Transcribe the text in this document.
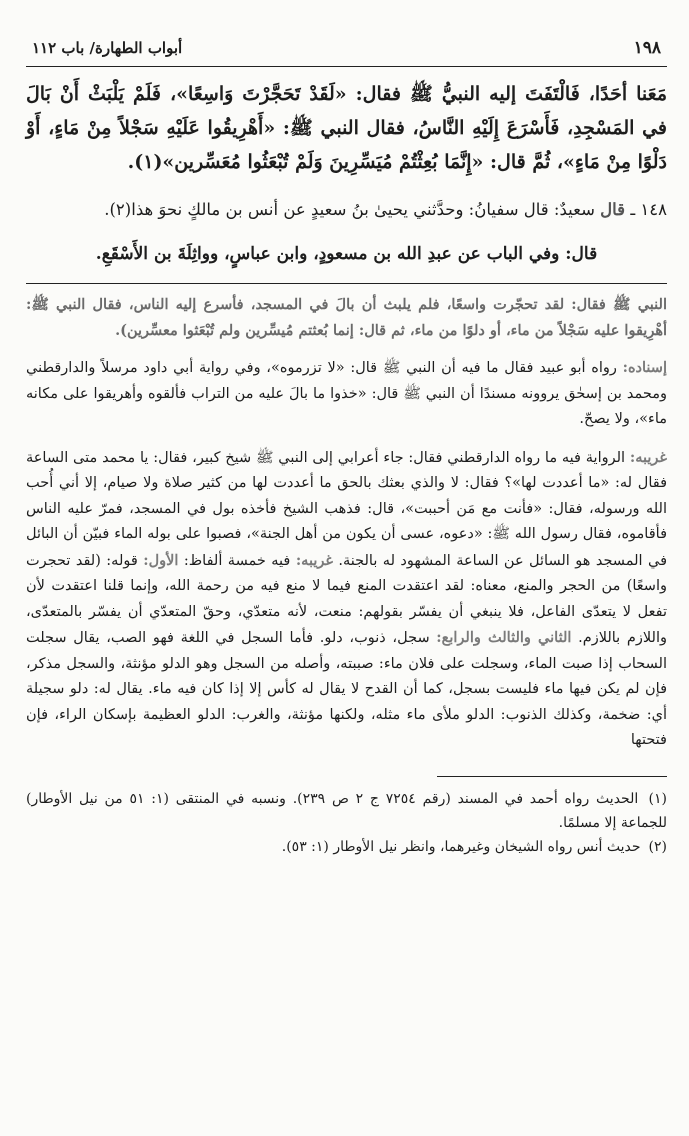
١٩٨
أبواب الطهارة/ باب ١١٢

مَعَنا أحَدًا، فَالْتَفَتَ إليه النبيُّ ﷺ فقال: «لَقَدْ تَحَجَّرْتَ وَاسِعًا»، فَلَمْ يَلْبَثْ أَنْ بَالَ في المَسْجِدِ، فَأَسْرَعَ إِلَيْهِ النَّاسُ، فقال النبي ﷺ: «أَهْرِيقُوا عَلَيْهِ سَجْلاً مِنْ مَاءٍ، أَوْ دَلْوًا مِنْ مَاءٍ»، ثُمَّ قال: «إِنَّمَا بُعِثْتُمْ مُيَسِّرِينَ وَلَمْ تُبْعَثُوا مُعَسِّرين»(١).

١٤٨ ـ قال سعيدٌ: قال سفيانُ: وحدَّثني يحيىٰ بنُ سعيدٍ عن أنس بن مالكٍ نحوَ هذا(٢).

قال: وفي الباب عن عبدِ الله بن مسعودٍ، وابن عباسٍ، وواثِلَةَ بن الأَسْقَعِ.

النبي ﷺ فقال: لقد تحجّرت واسعًا، فلم يلبث أن بالَ في المسجد، فأسرع إليه الناس، فقال النبي ﷺ: أهْرِيقوا عليه سَجْلاً من ماء، أو دلوًا من ماء، ثم قال: إنما بُعثتم مُيسِّرين ولم تُبْعَثوا معسِّرين).

إسناده: رواه أبو عبيد فقال ما فيه أن النبي ﷺ قال: «لا تزرموه»، وفي رواية أبي داود مرسلاً والدارقطني ومحمد بن إسحٰق يروونه مسندًا أن النبي ﷺ قال: «خذوا ما بالَ عليه من التراب فألقوه وأهريقوا على مكانه ماء»، ولا يصحّ.

غريبه: الرواية فيه ما رواه الدارقطني فقال: جاء أعرابي إلى النبي ﷺ شيخ كبير، فقال: يا محمد متى الساعة فقال له: «ما أعددت لها»؟ فقال: لا والذي بعثك بالحق ما أعددت لها من كثير صلاة ولا صيام، إلا أني أُحب الله ورسوله، فقال: «فأنت مع مَن أحببت»، قال: فذهب الشيخ فأخذه بول في المسجد، فمرّ عليه الناس فأقاموه، فقال رسول الله ﷺ: «دعوه، عسى أن يكون من أهل الجنة»، فصبوا على بوله الماء فبيّن أن البائل في المسجد هو السائل عن الساعة المشهود له بالجنة. غريبه: فيه خمسة ألفاظ: الأول: قوله: (لقد تحجرت واسعًا) من الحجر والمنع، معناه: لقد اعتقدت المنع فيما لا منع فيه من رحمة الله، وإنما قلنا اعتقدت لأن تفعل لا يتعدّى الفاعل، فلا ينبغي أن يفسّر بقولهم: منعت، لأنه متعدّي، وحقّ المتعدّي أن يفسّر بالمتعدّى، واللازم باللازم. الثاني والثالث والرابع: سجل، ذنوب، دلو. فأما السجل في اللغة فهو الصب، يقال سجلت السحاب إذا صبت الماء، وسجلت على فلان ماء: صببته، وأصله من السجل وهو الدلو مؤنثة، والسجل مذكر، فإن لم يكن فيها ماء فليست بسجل، كما أن القدح لا يقال له كأس إلا إذا كان فيه ماء. يقال له: دلو سجيلة أي: ضخمة، وكذلك الذنوب: الدلو ملأى ماء مثله، ولكنها مؤنثة، والغرب: الدلو العظيمة بإسكان الراء، فإن فتحتها

(١) الحديث رواه أحمد في المسند (رقم ٧٢٥٤ ج ٢ ص ٢٣٩). ونسبه في المنتقى (١: ٥١ من نيل الأوطار) للجماعة إلا مسلمًا.

(٢) حديث أنس رواه الشيخان وغيرهما، وانظر نيل الأوطار (١: ٥٣).
